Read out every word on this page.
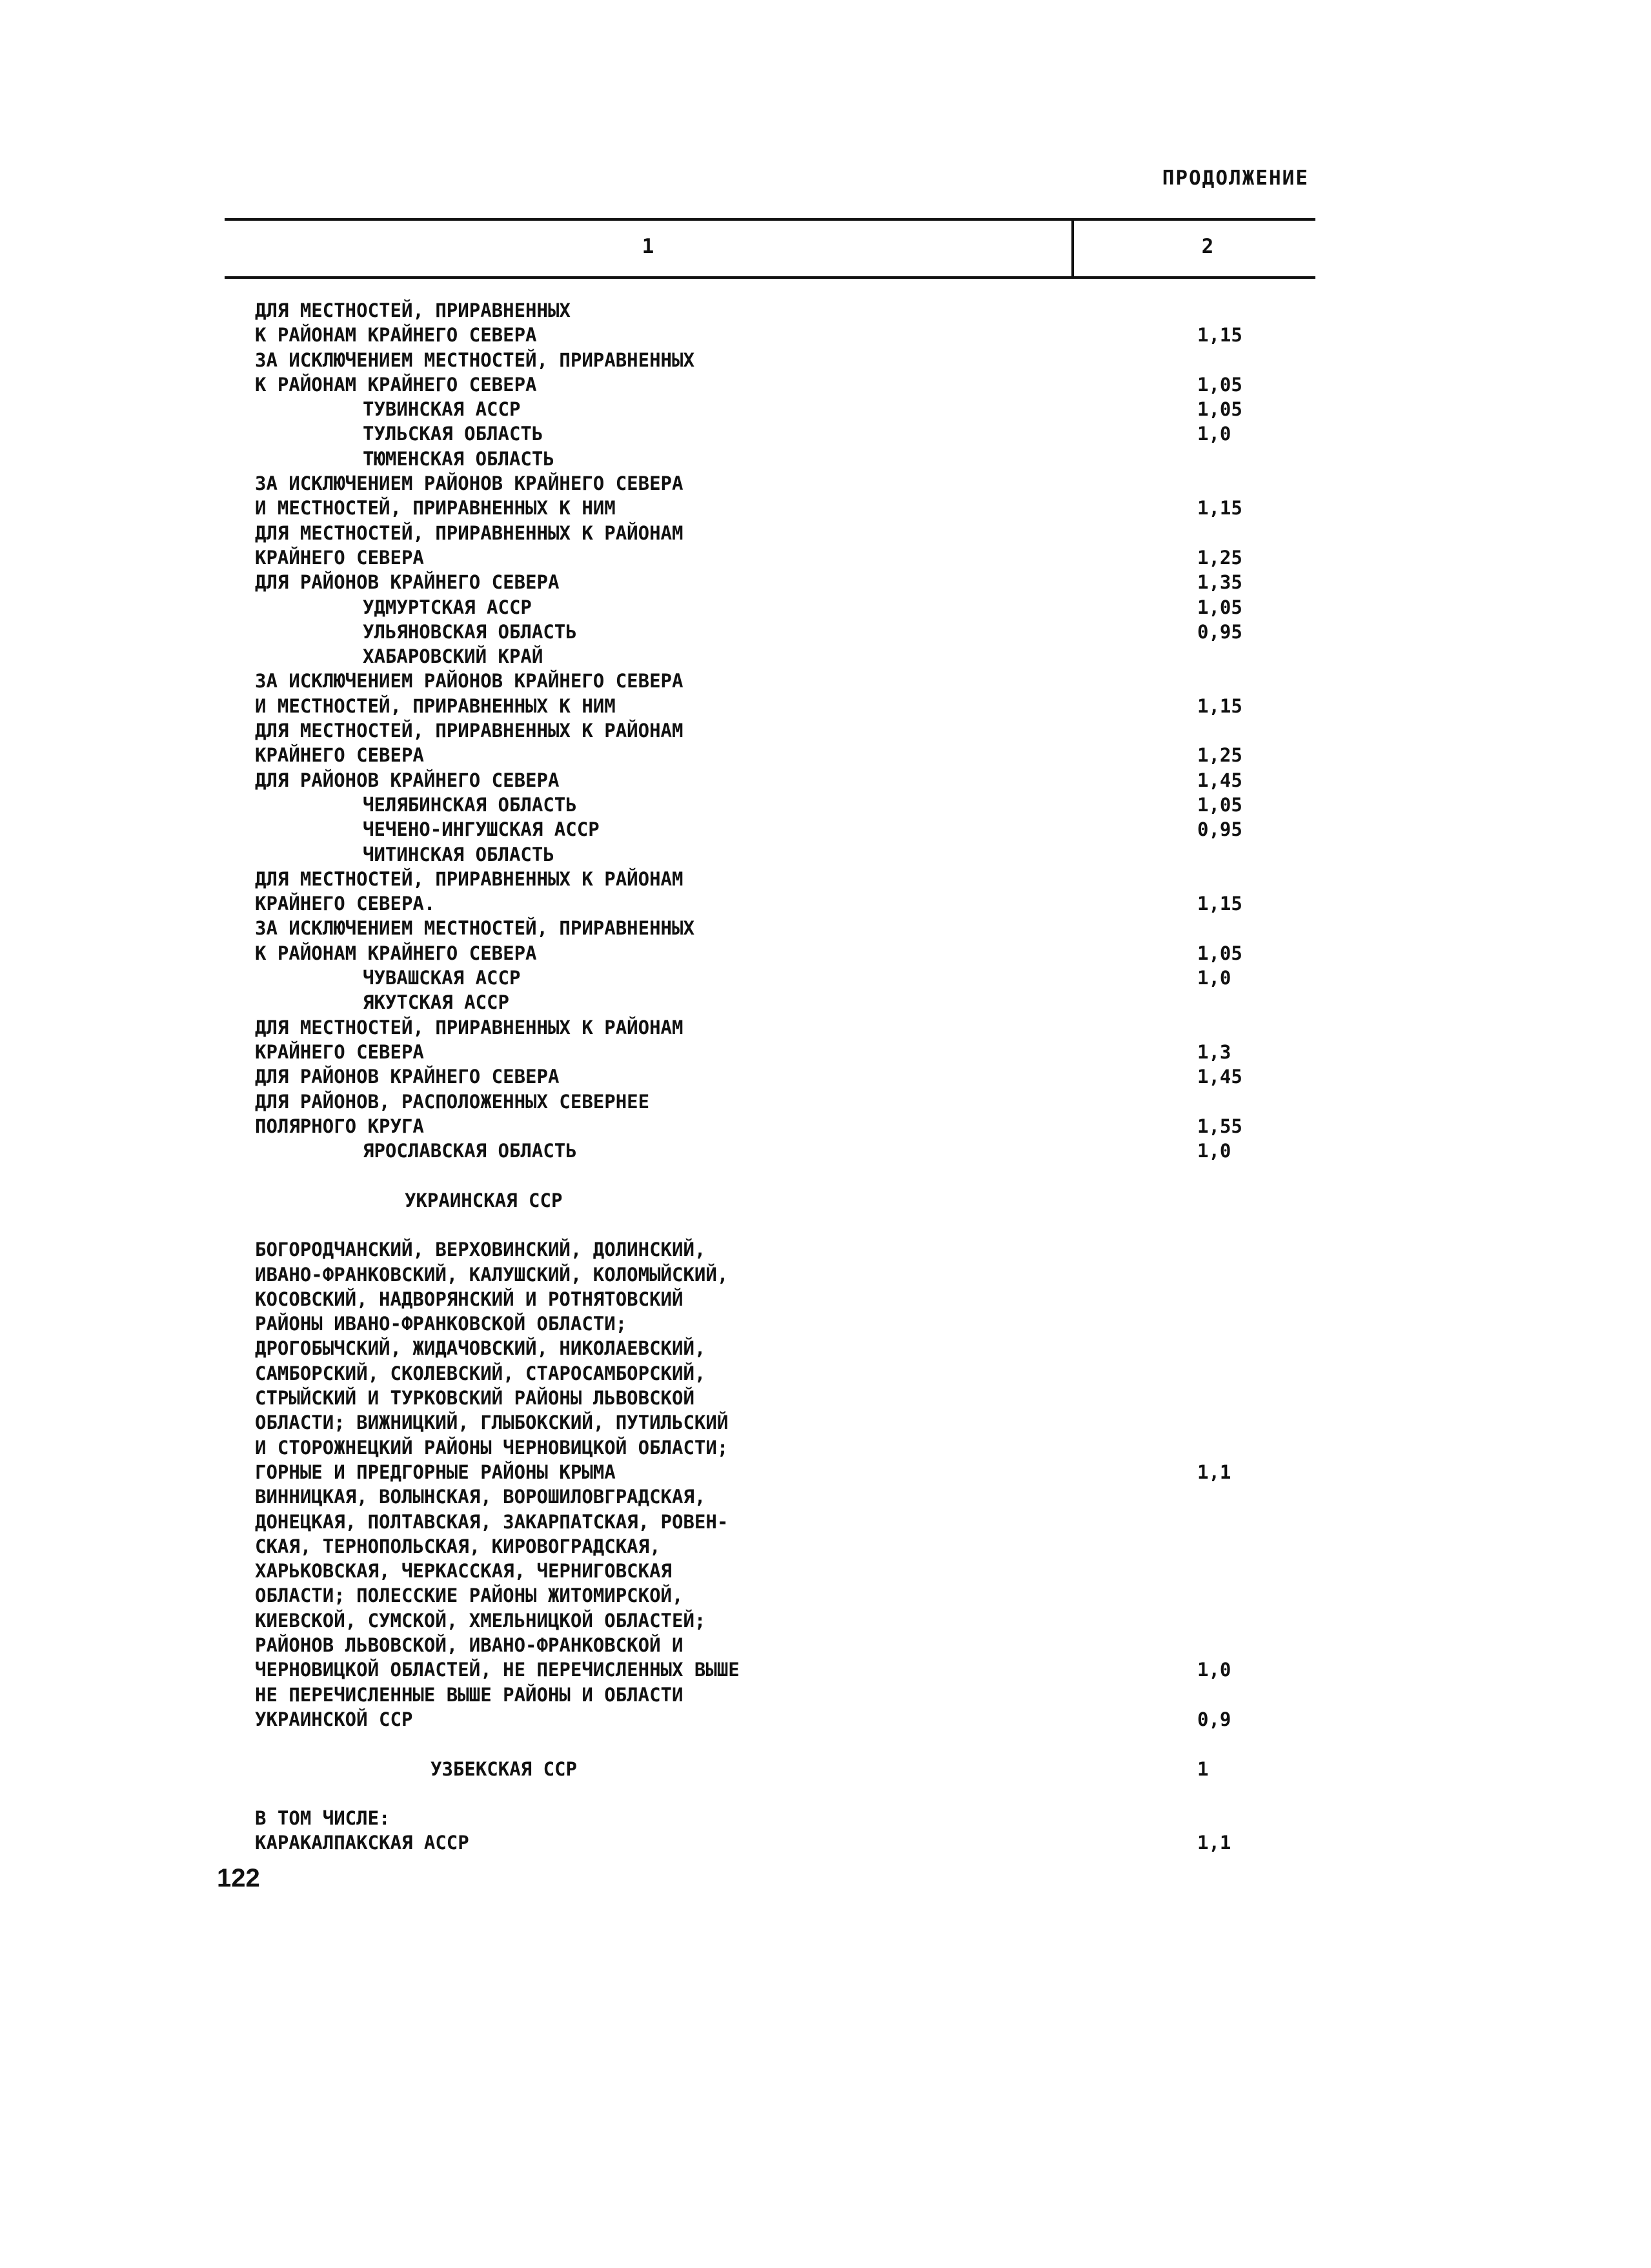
ПРОДОЛЖЕНИЕ
1	2
ДЛЯ МЕСТНОСТЕЙ, ПРИРАВНЕННЫХ
К РАЙОНАМ КРАЙНЕГО СЕВЕРА	1,15
ЗА ИСКЛЮЧЕНИЕМ МЕСТНОСТЕЙ, ПРИРАВНЕННЫХ
К РАЙОНАМ КРАЙНЕГО СЕВЕРА	1,05
ТУВИНСКАЯ АССР	1,05
ТУЛЬСКАЯ ОБЛАСТЬ	1,0
ТЮМЕНСКАЯ ОБЛАСТЬ
ЗА ИСКЛЮЧЕНИЕМ РАЙОНОВ КРАЙНЕГО СЕВЕРА
И МЕСТНОСТЕЙ, ПРИРАВНЕННЫХ К НИМ	1,15
ДЛЯ МЕСТНОСТЕЙ, ПРИРАВНЕННЫХ К РАЙОНАМ
КРАЙНЕГО СЕВЕРА	1,25
ДЛЯ РАЙОНОВ КРАЙНЕГО СЕВЕРА	1,35
УДМУРТСКАЯ АССР	1,05
УЛЬЯНОВСКАЯ ОБЛАСТЬ	0,95
ХАБАРОВСКИЙ КРАЙ
ЗА ИСКЛЮЧЕНИЕМ РАЙОНОВ КРАЙНЕГО СЕВЕРА
И МЕСТНОСТЕЙ, ПРИРАВНЕННЫХ К НИМ	1,15
ДЛЯ МЕСТНОСТЕЙ, ПРИРАВНЕННЫХ К РАЙОНАМ
КРАЙНЕГО СЕВЕРА	1,25
ДЛЯ РАЙОНОВ КРАЙНЕГО СЕВЕРА	1,45
ЧЕЛЯБИНСКАЯ ОБЛАСТЬ	1,05
ЧЕЧЕНО-ИНГУШСКАЯ АССР	0,95
ЧИТИНСКАЯ ОБЛАСТЬ
ДЛЯ МЕСТНОСТЕЙ, ПРИРАВНЕННЫХ К РАЙОНАМ
КРАЙНЕГО СЕВЕРА.	1,15
ЗА ИСКЛЮЧЕНИЕМ МЕСТНОСТЕЙ, ПРИРАВНЕННЫХ
К РАЙОНАМ КРАЙНЕГО СЕВЕРА	1,05
ЧУВАШСКАЯ АССР	1,0
ЯКУТСКАЯ АССР
ДЛЯ МЕСТНОСТЕЙ, ПРИРАВНЕННЫХ К РАЙОНАМ
КРАЙНЕГО СЕВЕРА	1,3
ДЛЯ РАЙОНОВ КРАЙНЕГО СЕВЕРА	1,45
ДЛЯ РАЙОНОВ, РАСПОЛОЖЕННЫХ СЕВЕРНЕЕ
ПОЛЯРНОГО КРУГА	1,55
ЯРОСЛАВСКАЯ ОБЛАСТЬ	1,0
УКРАИНСКАЯ ССР
БОГОРОДЧАНСКИЙ, ВЕРХОВИНСКИЙ, ДОЛИНСКИЙ,
ИВАНО-ФРАНКОВСКИЙ, КАЛУШСКИЙ, КОЛОМЫЙСКИЙ,
КОСОВСКИЙ, НАДВОРЯНСКИЙ И РОТНЯТОВСКИЙ
РАЙОНЫ ИВАНО-ФРАНКОВСКОЙ ОБЛАСТИ;
ДРОГОБЫЧСКИЙ, ЖИДАЧОВСКИЙ, НИКОЛАЕВСКИЙ,
САМБОРСКИЙ, СКОЛЕВСКИЙ, СТАРОСАМБОРСКИЙ,
СТРЫЙСКИЙ И ТУРКОВСКИЙ РАЙОНЫ ЛЬВОВСКОЙ
ОБЛАСТИ; ВИЖНИЦКИЙ, ГЛЫБОКСКИЙ, ПУТИЛЬСКИЙ
И СТОРОЖНЕЦКИЙ РАЙОНЫ ЧЕРНОВИЦКОЙ ОБЛАСТИ;
ГОРНЫЕ И ПРЕДГОРНЫЕ РАЙОНЫ КРЫМА	1,1
ВИННИЦКАЯ, ВОЛЫНСКАЯ, ВОРОШИЛОВГРАДСКАЯ,
ДОНЕЦКАЯ, ПОЛТАВСКАЯ, ЗАКАРПАТСКАЯ, РОВЕН-
СКАЯ, ТЕРНОПОЛЬСКАЯ, КИРОВОГРАДСКАЯ,
ХАРЬКОВСКАЯ, ЧЕРКАССКАЯ, ЧЕРНИГОВСКАЯ
ОБЛАСТИ; ПОЛЕССКИЕ РАЙОНЫ ЖИТОМИРСКОЙ,
КИЕВСКОЙ, СУМСКОЙ, ХМЕЛЬНИЦКОЙ ОБЛАСТЕЙ;
РАЙОНОВ ЛЬВОВСКОЙ, ИВАНО-ФРАНКОВСКОЙ И
ЧЕРНОВИЦКОЙ ОБЛАСТЕЙ, НЕ ПЕРЕЧИСЛЕННЫХ ВЫШЕ	1,0
НЕ ПЕРЕЧИСЛЕННЫЕ ВЫШЕ РАЙОНЫ И ОБЛАСТИ
УКРАИНСКОЙ ССР	0,9
УЗБЕКСКАЯ ССР	1
В ТОМ ЧИСЛЕ:
КАРАКАЛПАКСКАЯ АССР	1,1
122
